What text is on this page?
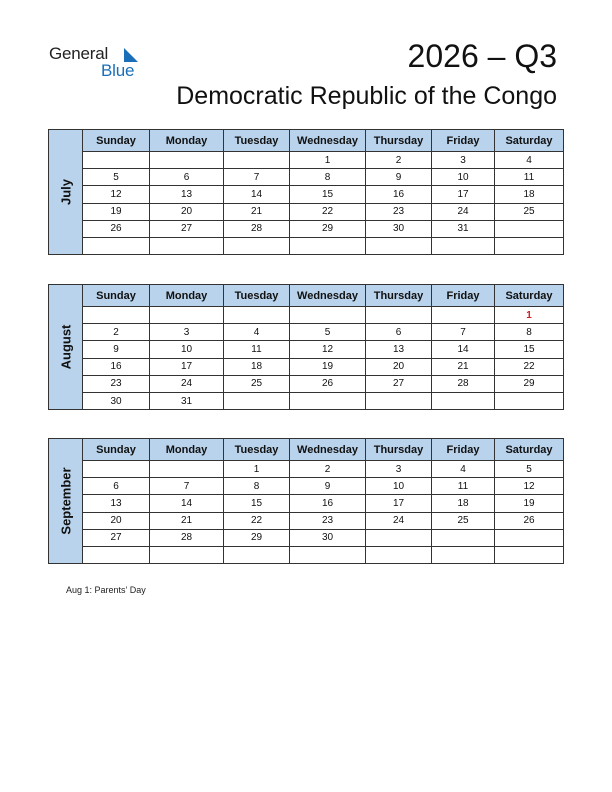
General
Blue	2026 – Q3
Democratic Republic of the Congo
July
Sunday	Monday	Tuesday	Wednesday	Thursday	Friday	Saturday
			1	2	3	4
5	6	7	8	9	10	11
12	13	14	15	16	17	18
19	20	21	22	23	24	25
26	27	28	29	30	31	

August
Sunday	Monday	Tuesday	Wednesday	Thursday	Friday	Saturday
						1
2	3	4	5	6	7	8
9	10	11	12	13	14	15
16	17	18	19	20	21	22
23	24	25	26	27	28	29
30	31					
September
Sunday	Monday	Tuesday	Wednesday	Thursday	Friday	Saturday
		1	2	3	4	5
6	7	8	9	10	11	12
13	14	15	16	17	18	19
20	21	22	23	24	25	26
27	28	29	30			

Aug 1: Parents’ Day
